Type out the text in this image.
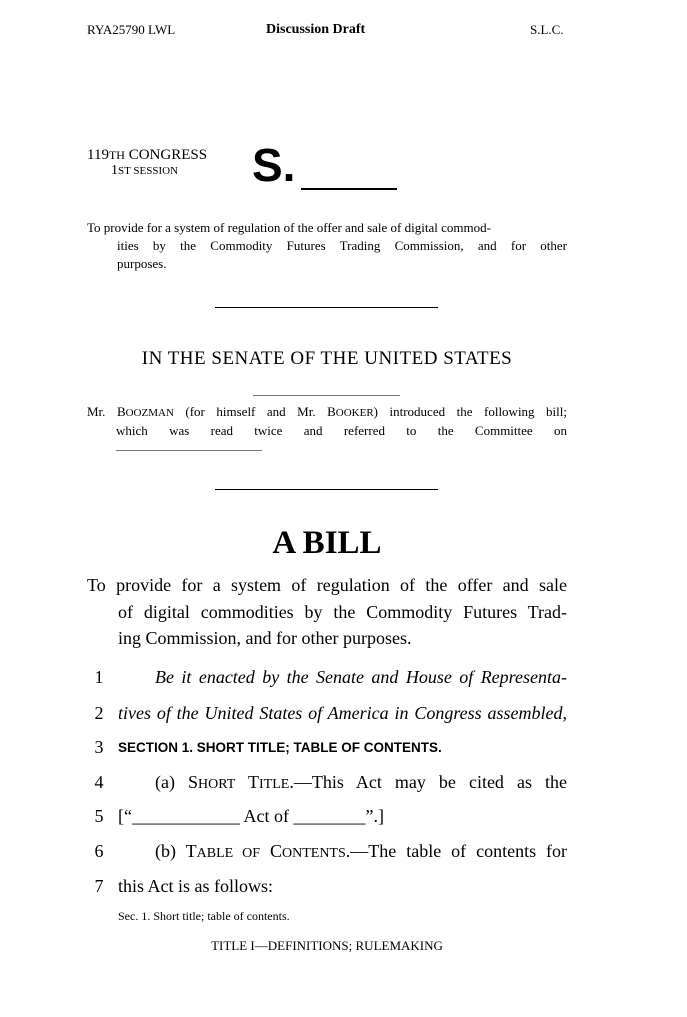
RYA25790 LWL	Discussion Draft	S.L.C.
119TH CONGRESS
1ST SESSION S.
To provide for a system of regulation of the offer and sale of digital commod-
ities by the Commodity Futures Trading Commission, and for other
purposes.
IN THE SENATE OF THE UNITED STATES
Mr. BOOZMAN (for himself and Mr. BOOKER) introduced the following bill;
which was read twice and referred to the Committee on
A BILL
To provide for a system of regulation of the offer and sale
of digital commodities by the Commodity Futures Trad-
ing Commission, and for other purposes.
1	Be it enacted by the Senate and House of Representa-
2 tives of the United States of America in Congress assembled,
3	SECTION 1. SHORT TITLE; TABLE OF CONTENTS.
4	(a) SHORT TITLE.—This Act may be cited as the
5 [“____________ Act of ________”.]
6	(b) TABLE OF CONTENTS.—The table of contents for
7 this Act is as follows:
Sec. 1. Short title; table of contents.
TITLE I—DEFINITIONS; RULEMAKING
